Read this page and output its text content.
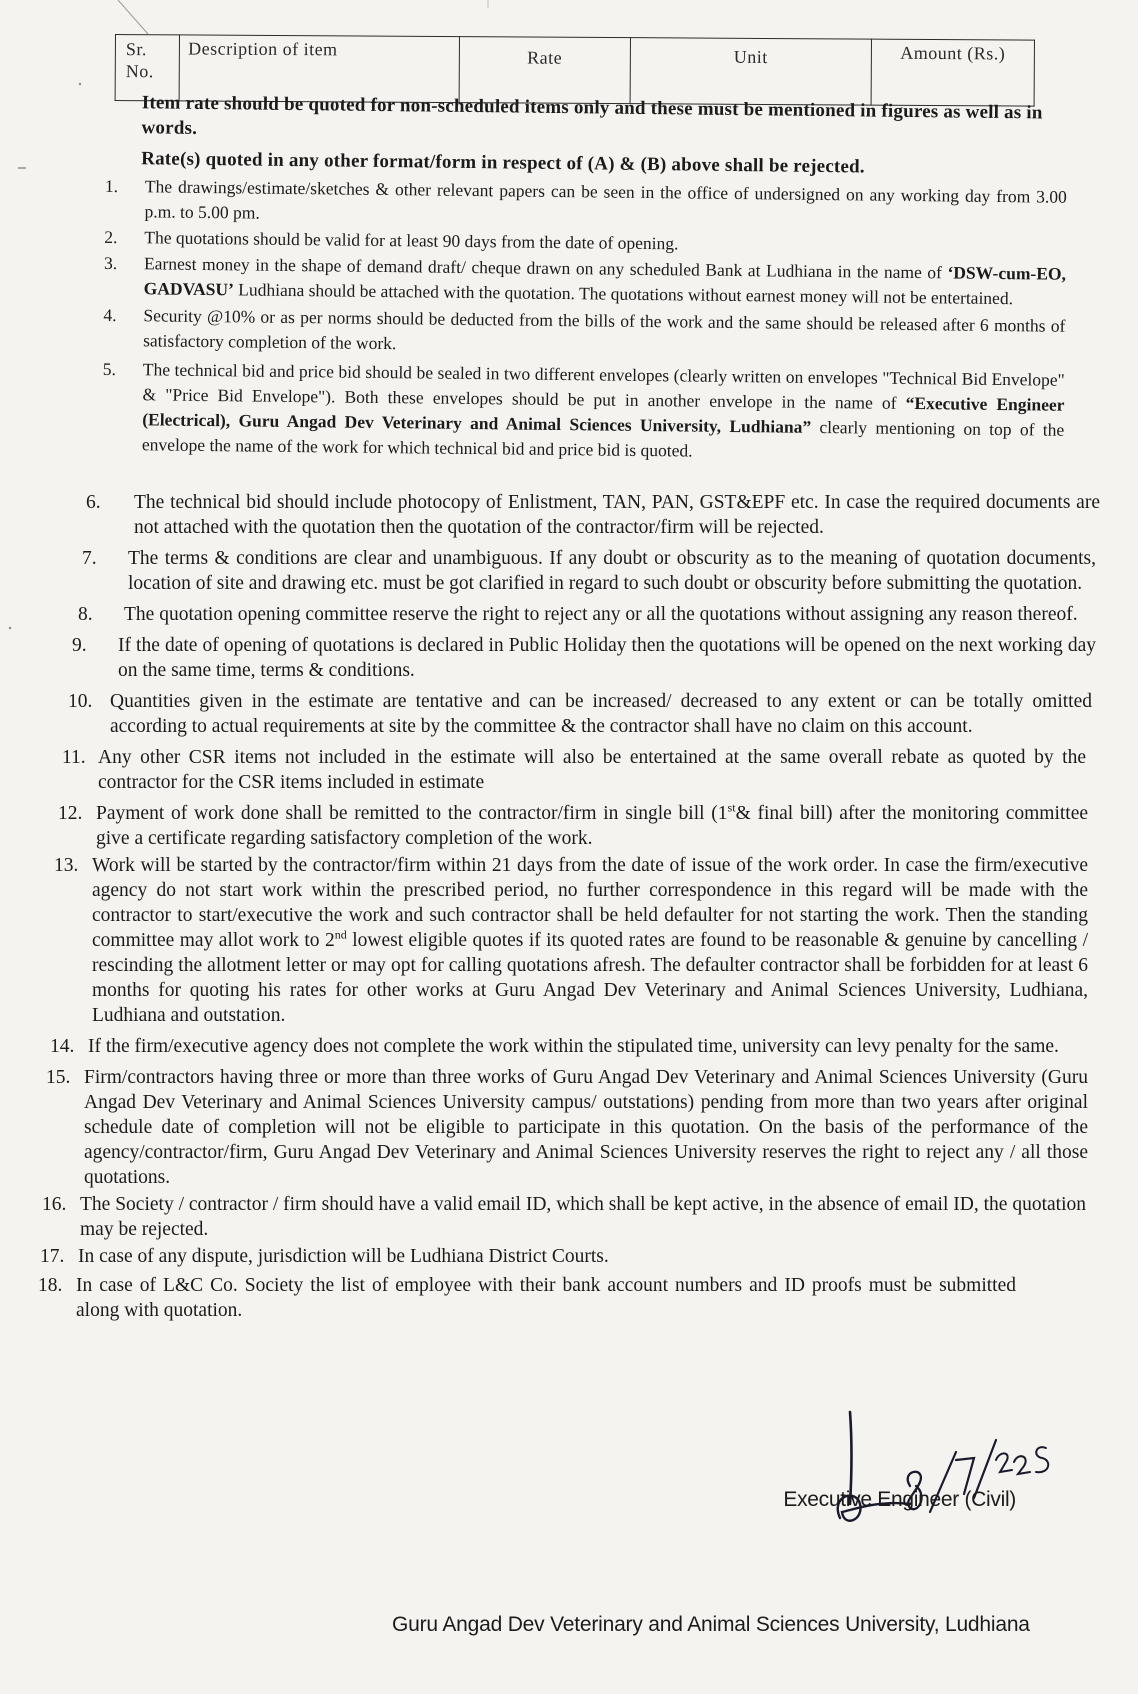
Sr.
No.	Description of item	Rate	Unit	Amount (Rs.)

Item rate should be quoted for non-scheduled items only and these must be mentioned in figures as well as in words.

Rate(s) quoted in any other format/form in respect of (A) & (B) above shall be rejected.

1. The drawings/estimate/sketches & other relevant papers can be seen in the office of undersigned on any working day from 3.00 p.m. to 5.00 pm.
2. The quotations should be valid for at least 90 days from the date of opening.
3. Earnest money in the shape of demand draft/ cheque drawn on any scheduled Bank at Ludhiana in the name of ‘DSW-cum-EO, GADVASU’ Ludhiana should be attached with the quotation. The quotations without earnest money will not be entertained.
4. Security @10% or as per norms should be deducted from the bills of the work and the same should be released after 6 months of satisfactory completion of the work.
5. The technical bid and price bid should be sealed in two different envelopes (clearly written on envelopes "Technical Bid Envelope" & "Price Bid Envelope"). Both these envelopes should be put in another envelope in the name of “Executive Engineer (Electrical), Guru Angad Dev Veterinary and Animal Sciences University, Ludhiana” clearly mentioning on top of the envelope the name of the work for which technical bid and price bid is quoted.
6. The technical bid should include photocopy of Enlistment, TAN, PAN, GST&EPF etc. In case the required documents are not attached with the quotation then the quotation of the contractor/firm will be rejected.
7. The terms & conditions are clear and unambiguous. If any doubt or obscurity as to the meaning of quotation documents, location of site and drawing etc. must be got clarified in regard to such doubt or obscurity before submitting the quotation.
8. The quotation opening committee reserve the right to reject any or all the quotations without assigning any reason thereof.
9. If the date of opening of quotations is declared in Public Holiday then the quotations will be opened on the next working day on the same time, terms & conditions.
10. Quantities given in the estimate are tentative and can be increased/ decreased to any extent or can be totally omitted according to actual requirements at site by the committee & the contractor shall have no claim on this account.
11. Any other CSR items not included in the estimate will also be entertained at the same overall rebate as quoted by the contractor for the CSR items included in estimate
12. Payment of work done shall be remitted to the contractor/firm in single bill (1st& final bill) after the monitoring committee give a certificate regarding satisfactory completion of the work.
13. Work will be started by the contractor/firm within 21 days from the date of issue of the work order. In case the firm/executive agency do not start work within the prescribed period, no further correspondence in this regard will be made with the contractor to start/executive the work and such contractor shall be held defaulter for not starting the work. Then the standing committee may allot work to 2nd lowest eligible quotes if its quoted rates are found to be reasonable & genuine by cancelling / rescinding the allotment letter or may opt for calling quotations afresh. The defaulter contractor shall be forbidden for at least 6 months for quoting his rates for other works at Guru Angad Dev Veterinary and Animal Sciences University, Ludhiana, Ludhiana and outstation.
14. If the firm/executive agency does not complete the work within the stipulated time, university can levy penalty for the same.
15. Firm/contractors having three or more than three works of Guru Angad Dev Veterinary and Animal Sciences University (Guru Angad Dev Veterinary and Animal Sciences University campus/ outstations) pending from more than two years after original schedule date of completion will not be eligible to participate in this quotation. On the basis of the performance of the agency/contractor/firm, Guru Angad Dev Veterinary and Animal Sciences University reserves the right to reject any / all those quotations.
16. The Society / contractor / firm should have a valid email ID, which shall be kept active, in the absence of email ID, the quotation may be rejected.
17. In case of any dispute, jurisdiction will be Ludhiana District Courts.
18. In case of L&C Co. Society the list of employee with their bank account numbers and ID proofs must be submitted along with quotation.
Executive Engineer (Civil)
Guru Angad Dev Veterinary and Animal Sciences University, Ludhiana
